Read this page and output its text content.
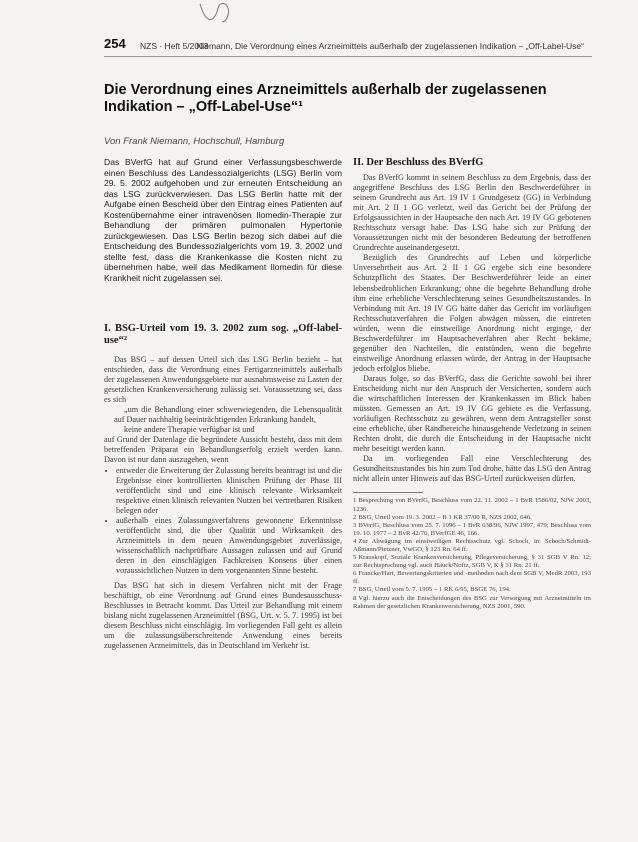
254 NZS · Heft 5/2003
Niemann, Die Verordnung eines Arzneimittels außerhalb der zugelassenen Indikation – „Off-Label-Use“
Die Verordnung eines Arzneimittels außerhalb der zugelassenen Indikation – „Off-Label-Use“¹
Von Frank Niemann, Hochschull, Hamburg

Das BVerfG hat auf Grund einer Verfassungsbeschwerde einen Beschluss des Landessozialgerichts (LSG) Berlin vom 29. 5. 2002 aufgehoben und zur erneuten Entscheidung an das LSG zurückverwiesen. Das LSG Berlin hatte mit der Aufgabe einen Bescheid über den Eintrag eines Patienten auf Kostenübernahme einer intravenösen Ilomedin-Therapie zur Behandlung der primären pulmonalen Hypertonie zurückgewiesen. Das LSG Berlin bezog sich dabei auf die Entscheidung des Bundessozialgerichts vom 19. 3. 2002 und stellte fest, dass die Krankenkasse die Kosten nicht zu übernehmen habe, weil das Medikament Ilomedin für diese Krankheit nicht zugelassen sei.

I. BSG-Urteil vom 19. 3. 2002 zum sog. „Off-label-use“²

Das BSG – auf dessen Urteil sich das LSG Berlin bezieht – hat entschieden, dass die Verordnung eines Fertigarzneimittels außerhalb der zugelassenen Anwendungsgebiete nur ausnahmsweise zu Lasten der gesetzlichen Krankenversicherung zulässig sei. Voraussetzung sei, dass es sich

„um die Behandlung einer schwerwiegenden, die Lebensqualität auf Dauer nachhaltig beeinträchtigenden Erkrankung handelt,

keine andere Therapie verfügbar ist und

auf Grund der Datenlage die begründete Aussicht besteht, dass mit dem betreffenden Präparat ein Behandlungserfolg erzielt werden kann. Davon ist nur dann auszugehen, wenn

• entweder die Erweiterung der Zulassung bereits beantragt ist und die Ergebnisse einer kontrollierten klinischen Prüfung der Phase III veröffentlicht sind und eine klinisch relevante Wirksamkeit respektive einen klinisch relevanten Nutzen bei vertretbaren Risiken belegen oder
• außerhalb eines Zulassungsverfahrens gewonnene Erkenntnisse veröffentlicht sind, die über Qualität und Wirksamkeit des Arzneimittels in dem neuen Anwendungsgebiet zuverlässige, wissenschaftlich nachprüfbare Aussagen zulassen und auf Grund deren in den einschlägigen Fachkreisen Konsens über einen voraussichtlichen Nutzen in dem vorgenannten Sinne besteht.

Das BSG hat sich in diesem Verfahren nicht mit der Frage beschäftigt, ob eine Verordnung auf Grund eines Bundesausschuss-Beschlusses in Betracht kommt. Das Urteil zur Behandlung mit einem bislang nicht zugelassenen Arzneimittel (BSG, Urt. v. 5. 7. 1995) ist bei diesem Beschluss nicht einschlägig. Im vorliegenden Fall geht es allein um die zulassungsüberschreitende Anwendung eines bereits zugelassenen Arzneimittels, das in Deutschland im Verkehr ist.

II. Der Beschluss des BVerfG

Das BVerfG kommt in seinem Beschluss zu dem Ergebnis, dass der angegriffene Beschluss des LSG Berlin den Beschwerdeführer in seinem Grundrecht aus Art. 19 IV 1 Grundgesetz (GG) in Verbindung mit Art. 2 II 1 GG verletzt, weil das Gericht bei der Prüfung der Erfolgsaussichten in der Hauptsache den nach Art. 19 IV GG gebotenen Rechtsschutz versagt habe. Das LSG habe sich zur Prüfung der Voraussetzungen nicht mit der besonderen Bedeutung der betroffenen Grundrechte auseinandergesetzt.

Bezüglich des Grundrechts auf Leben und körperliche Unversehrtheit aus Art. 2 II 1 GG ergebe sich eine besondere Schutzpflicht des Staates. Der Beschwerdeführer leide an einer lebensbedrohlichen Erkrankung; ohne die begehrte Behandlung drohe ihm eine erhebliche Verschlechterung seines Gesundheitszustandes. In Verbindung mit Art. 19 IV GG hätte daher das Gericht im vorläufigen Rechtsschutzverfahren die Folgen abwägen müssen, die eintreten würden, wenn die einstweilige Anordnung nicht erginge, der Beschwerdeführer im Hauptsacheverfahren aber Recht bekäme, gegenüber den Nachteilen, die entstünden, wenn die begehrte einstweilige Anordnung erlassen würde, der Antrag in der Hauptsache jedoch erfolglos bliebe.

Daraus folge, so das BVerfG, dass die Gerichte sowohl bei ihrer Entscheidung nicht nur den Anspruch der Versicherten, sondern auch die wirtschaftlichen Interessen der Krankenkassen im Blick haben müssten. Gemessen an Art. 19 IV GG gebiete es die Verfassung, vorläufigen Rechtsschutz zu gewähren, wenn dem Antragsteller sonst eine erhebliche, über Randbereiche hinausgehende Verletzung in seinen Rechten droht, die durch die Entscheidung in der Hauptsache nicht mehr beseitigt werden kann.

Da im vorliegenden Fall eine Verschlechterung des Gesundheitszustandes bis hin zum Tod drohe, hätte das LSG den Antrag nicht allein unter Hinweis auf das BSG-Urteil zurückweisen dürfen.

1 Besprechung von BVerfG, Beschluss vom 22. 11. 2002 – 1 BvR 1586/02, NJW 2003, 1236.

2 BSG, Urteil vom 19. 3. 2002 – B 1 KR 37/00 R, NZS 2002, 646.

3 BVerfG, Beschluss vom 25. 7. 1996 – 1 BvR 638/96, NJW 1997, 479; Beschluss vom 19. 10. 1977 – 2 BvR 42/76, BVerfGE 46, 166.

4 Zur Abwägung im einstweiligen Rechtsschutz vgl. Schoch, in: Schoch/Schmidt-Aßmann/Pietzner, VwGO, § 123 Rn. 64 ff.

5 Krauskopf, Soziale Krankenversicherung, Pflegeversicherung, § 31 SGB V Rn. 12; zur Rechtsprechung vgl. auch Hauck/Noftz, SGB V, K § 31 Rn. 21 ff.

6 Francke/Hart, Bewertungskriterien und -methoden nach dem SGB V, MedR 2003, 193 ff.

7 BSG, Urteil vom 5. 7. 1995 – 1 RK 6/95, BSGE 76, 194.

8 Vgl. hierzu auch die Entscheidungen des BSG zur Versorgung mit Arzneimitteln im Rahmen der gesetzlichen Krankenversicherung, NZS 2001, 590.
